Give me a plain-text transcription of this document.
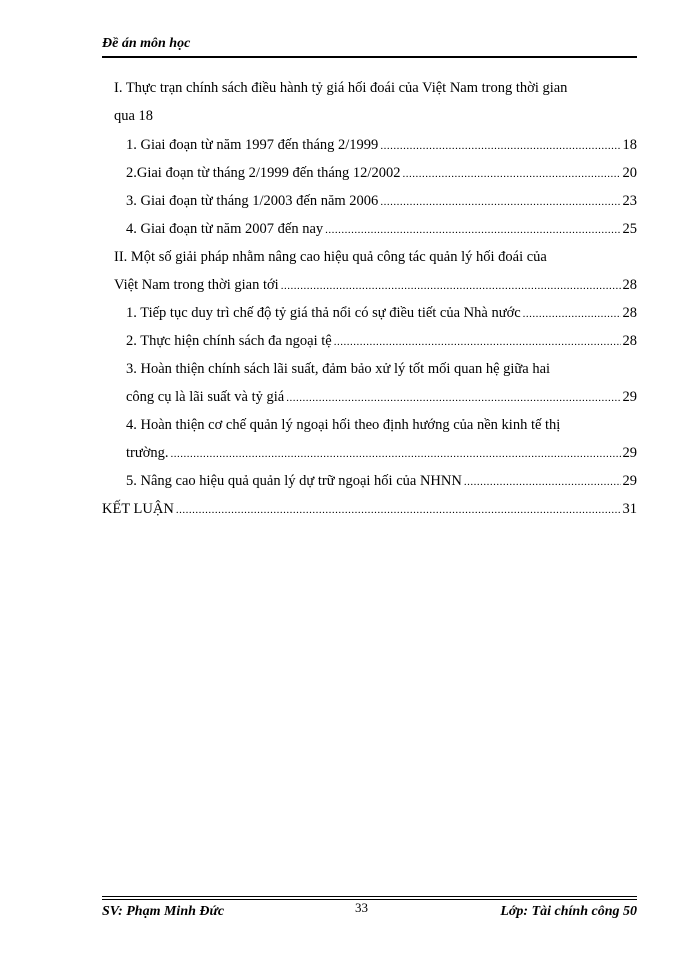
Đề án môn học
I. Thực trạn chính sách điều hành tỷ giá hối đoái của Việt Nam trong thời gian
qua 18
1. Giai đoạn từ năm 1997 đến tháng 2/1999 .....	18
2.Giai đoạn từ tháng 2/1999 đến tháng 12/2002 .....	20
3. Giai đoạn từ tháng 1/2003 đến năm 2006 .....	23
4. Giai đoạn từ năm 2007 đến nay .....	25
II. Một số giải pháp nhằm nâng cao hiệu quả công tác quản lý hối đoái của
Việt Nam trong thời gian tới .....	28
1. Tiếp tục duy trì chế độ tỷ giá thả nổi có sự điều tiết của Nhà nước .....	28
2. Thực hiện chính sách đa ngoại tệ .....	28
3. Hoàn thiện chính sách lãi suất, đảm bảo xử lý tốt mối quan hệ giữa hai
công cụ là lãi suất và tỷ giá .....	29
4. Hoàn thiện cơ chế quản lý ngoại hối theo định hướng của nền kinh tế thị
trường. .....	29
5. Nâng cao hiệu quả quản lý dự trữ ngoại hối của NHNN .....	29
KẾT LUẬN .....	31
SV: Phạm Minh Đức	33	Lớp: Tài chính công 50
